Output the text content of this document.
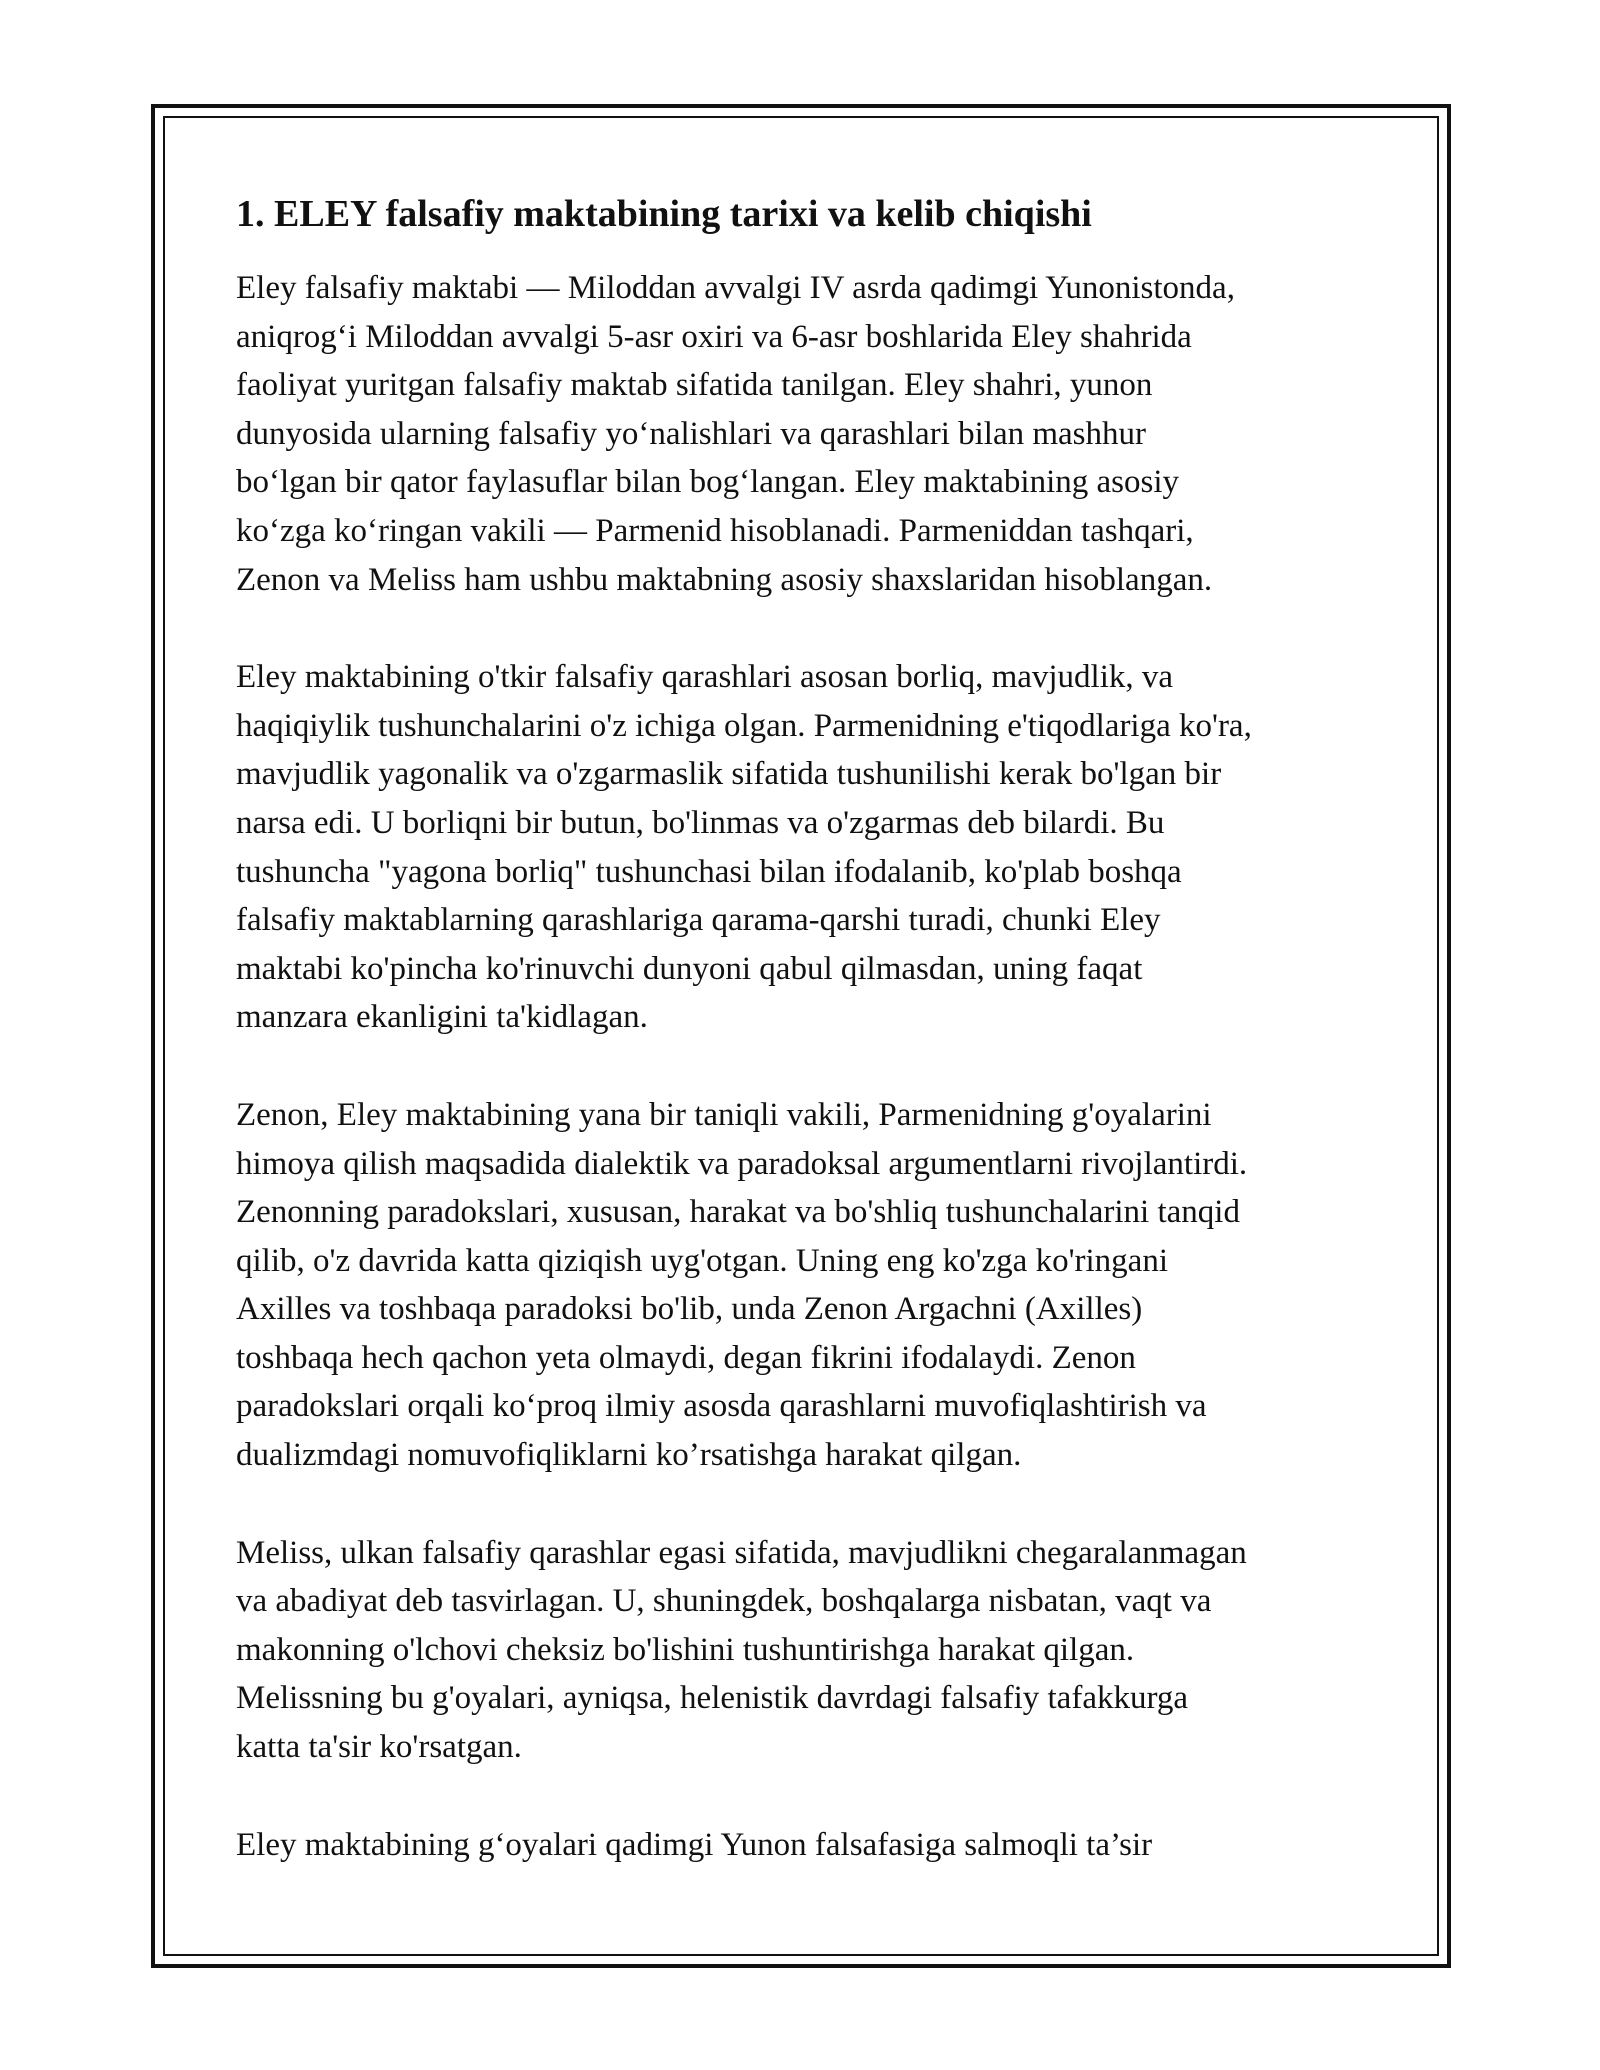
1. ELEY falsafiy maktabining tarixi va kelib chiqishi

Eley falsafiy maktabi — Miloddan avvalgi IV asrda qadimgi Yunonistonda,
aniqrog‘i Miloddan avvalgi 5-asr oxiri va 6-asr boshlarida Eley shahrida
faoliyat yuritgan falsafiy maktab sifatida tanilgan. Eley shahri, yunon
dunyosida ularning falsafiy yo‘nalishlari va qarashlari bilan mashhur
bo‘lgan bir qator faylasuflar bilan bog‘langan. Eley maktabining asosiy
ko‘zga ko‘ringan vakili — Parmenid hisoblanadi. Parmeniddan tashqari,
Zenon va Meliss ham ushbu maktabning asosiy shaxslaridan hisoblangan.

Eley maktabining o'tkir falsafiy qarashlari asosan borliq, mavjudlik, va
haqiqiylik tushunchalarini o'z ichiga olgan. Parmenidning e'tiqodlariga ko'ra,
mavjudlik yagonalik va o'zgarmaslik sifatida tushunilishi kerak bo'lgan bir
narsa edi. U borliqni bir butun, bo'linmas va o'zgarmas deb bilardi. Bu
tushuncha "yagona borliq" tushunchasi bilan ifodalanib, ko'plab boshqa
falsafiy maktablarning qarashlariga qarama-qarshi turadi, chunki Eley
maktabi ko'pincha ko'rinuvchi dunyoni qabul qilmasdan, uning faqat
manzara ekanligini ta'kidlagan.

Zenon, Eley maktabining yana bir taniqli vakili, Parmenidning g'oyalarini
himoya qilish maqsadida dialektik va paradoksal argumentlarni rivojlantirdi.
Zenonning paradokslari, xususan, harakat va bo'shliq tushunchalarini tanqid
qilib, o'z davrida katta qiziqish uyg'otgan. Uning eng ko'zga ko'ringani
Axilles va toshbaqa paradoksi bo'lib, unda Zenon Argachni (Axilles)
toshbaqa hech qachon yeta olmaydi, degan fikrini ifodalaydi. Zenon
paradokslari orqali ko‘proq ilmiy asosda qarashlarni muvofiqlashtirish va
dualizmdagi nomuvofiqliklarni ko’rsatishga harakat qilgan.

Meliss, ulkan falsafiy qarashlar egasi sifatida, mavjudlikni chegaralanmagan
va abadiyat deb tasvirlagan. U, shuningdek, boshqalarga nisbatan, vaqt va
makonning o'lchovi cheksiz bo'lishini tushuntirishga harakat qilgan.
Melissning bu g'oyalari, ayniqsa, helenistik davrdagi falsafiy tafakkurga
katta ta'sir ko'rsatgan.

Eley maktabining g‘oyalari qadimgi Yunon falsafasiga salmoqli ta’sir
